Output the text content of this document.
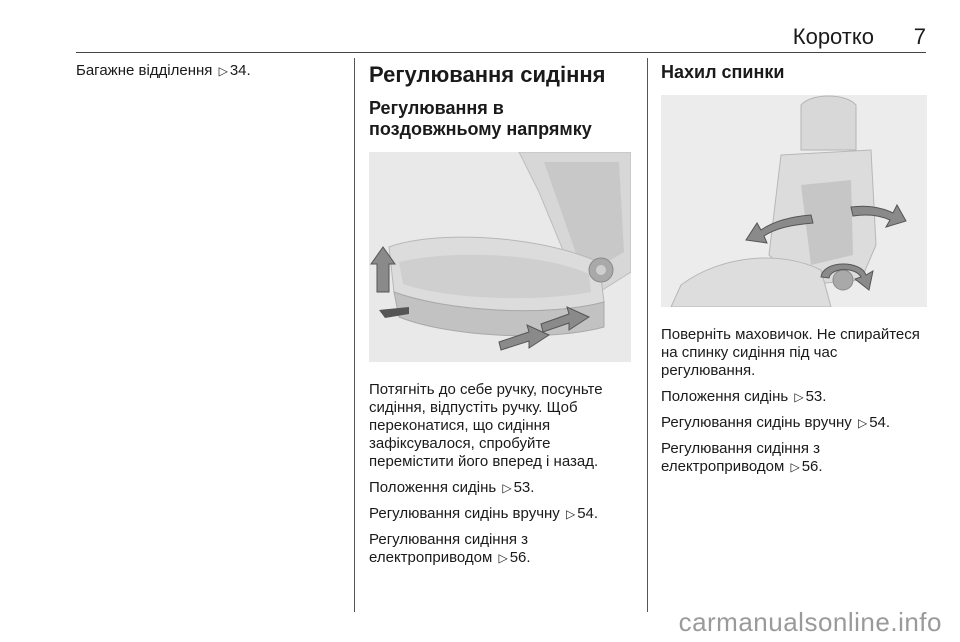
Коротко 7

Багажне відділення ▷ 34.	Регулювання сидіння
Регулювання в поздовжньому напрямку

Потягніть до себе ручку, посуньте сидіння, відпустіть ручку. Щоб переконатися, що сидіння зафіксувалося, спробуйте перемістити його вперед і назад.

Положення сидінь ▷ 53.

Регулювання сидінь вручну ▷ 54.

Регулювання сидіння з електроприводом ▷ 56.

Нахил спинки

Поверніть маховичок. Не спирайтеся на спинку сидіння під час регулювання.

Положення сидінь ▷ 53.

Регулювання сидінь вручну ▷ 54.

Регулювання сидіння з електроприводом ▷ 56.

carmanualsonline.info
